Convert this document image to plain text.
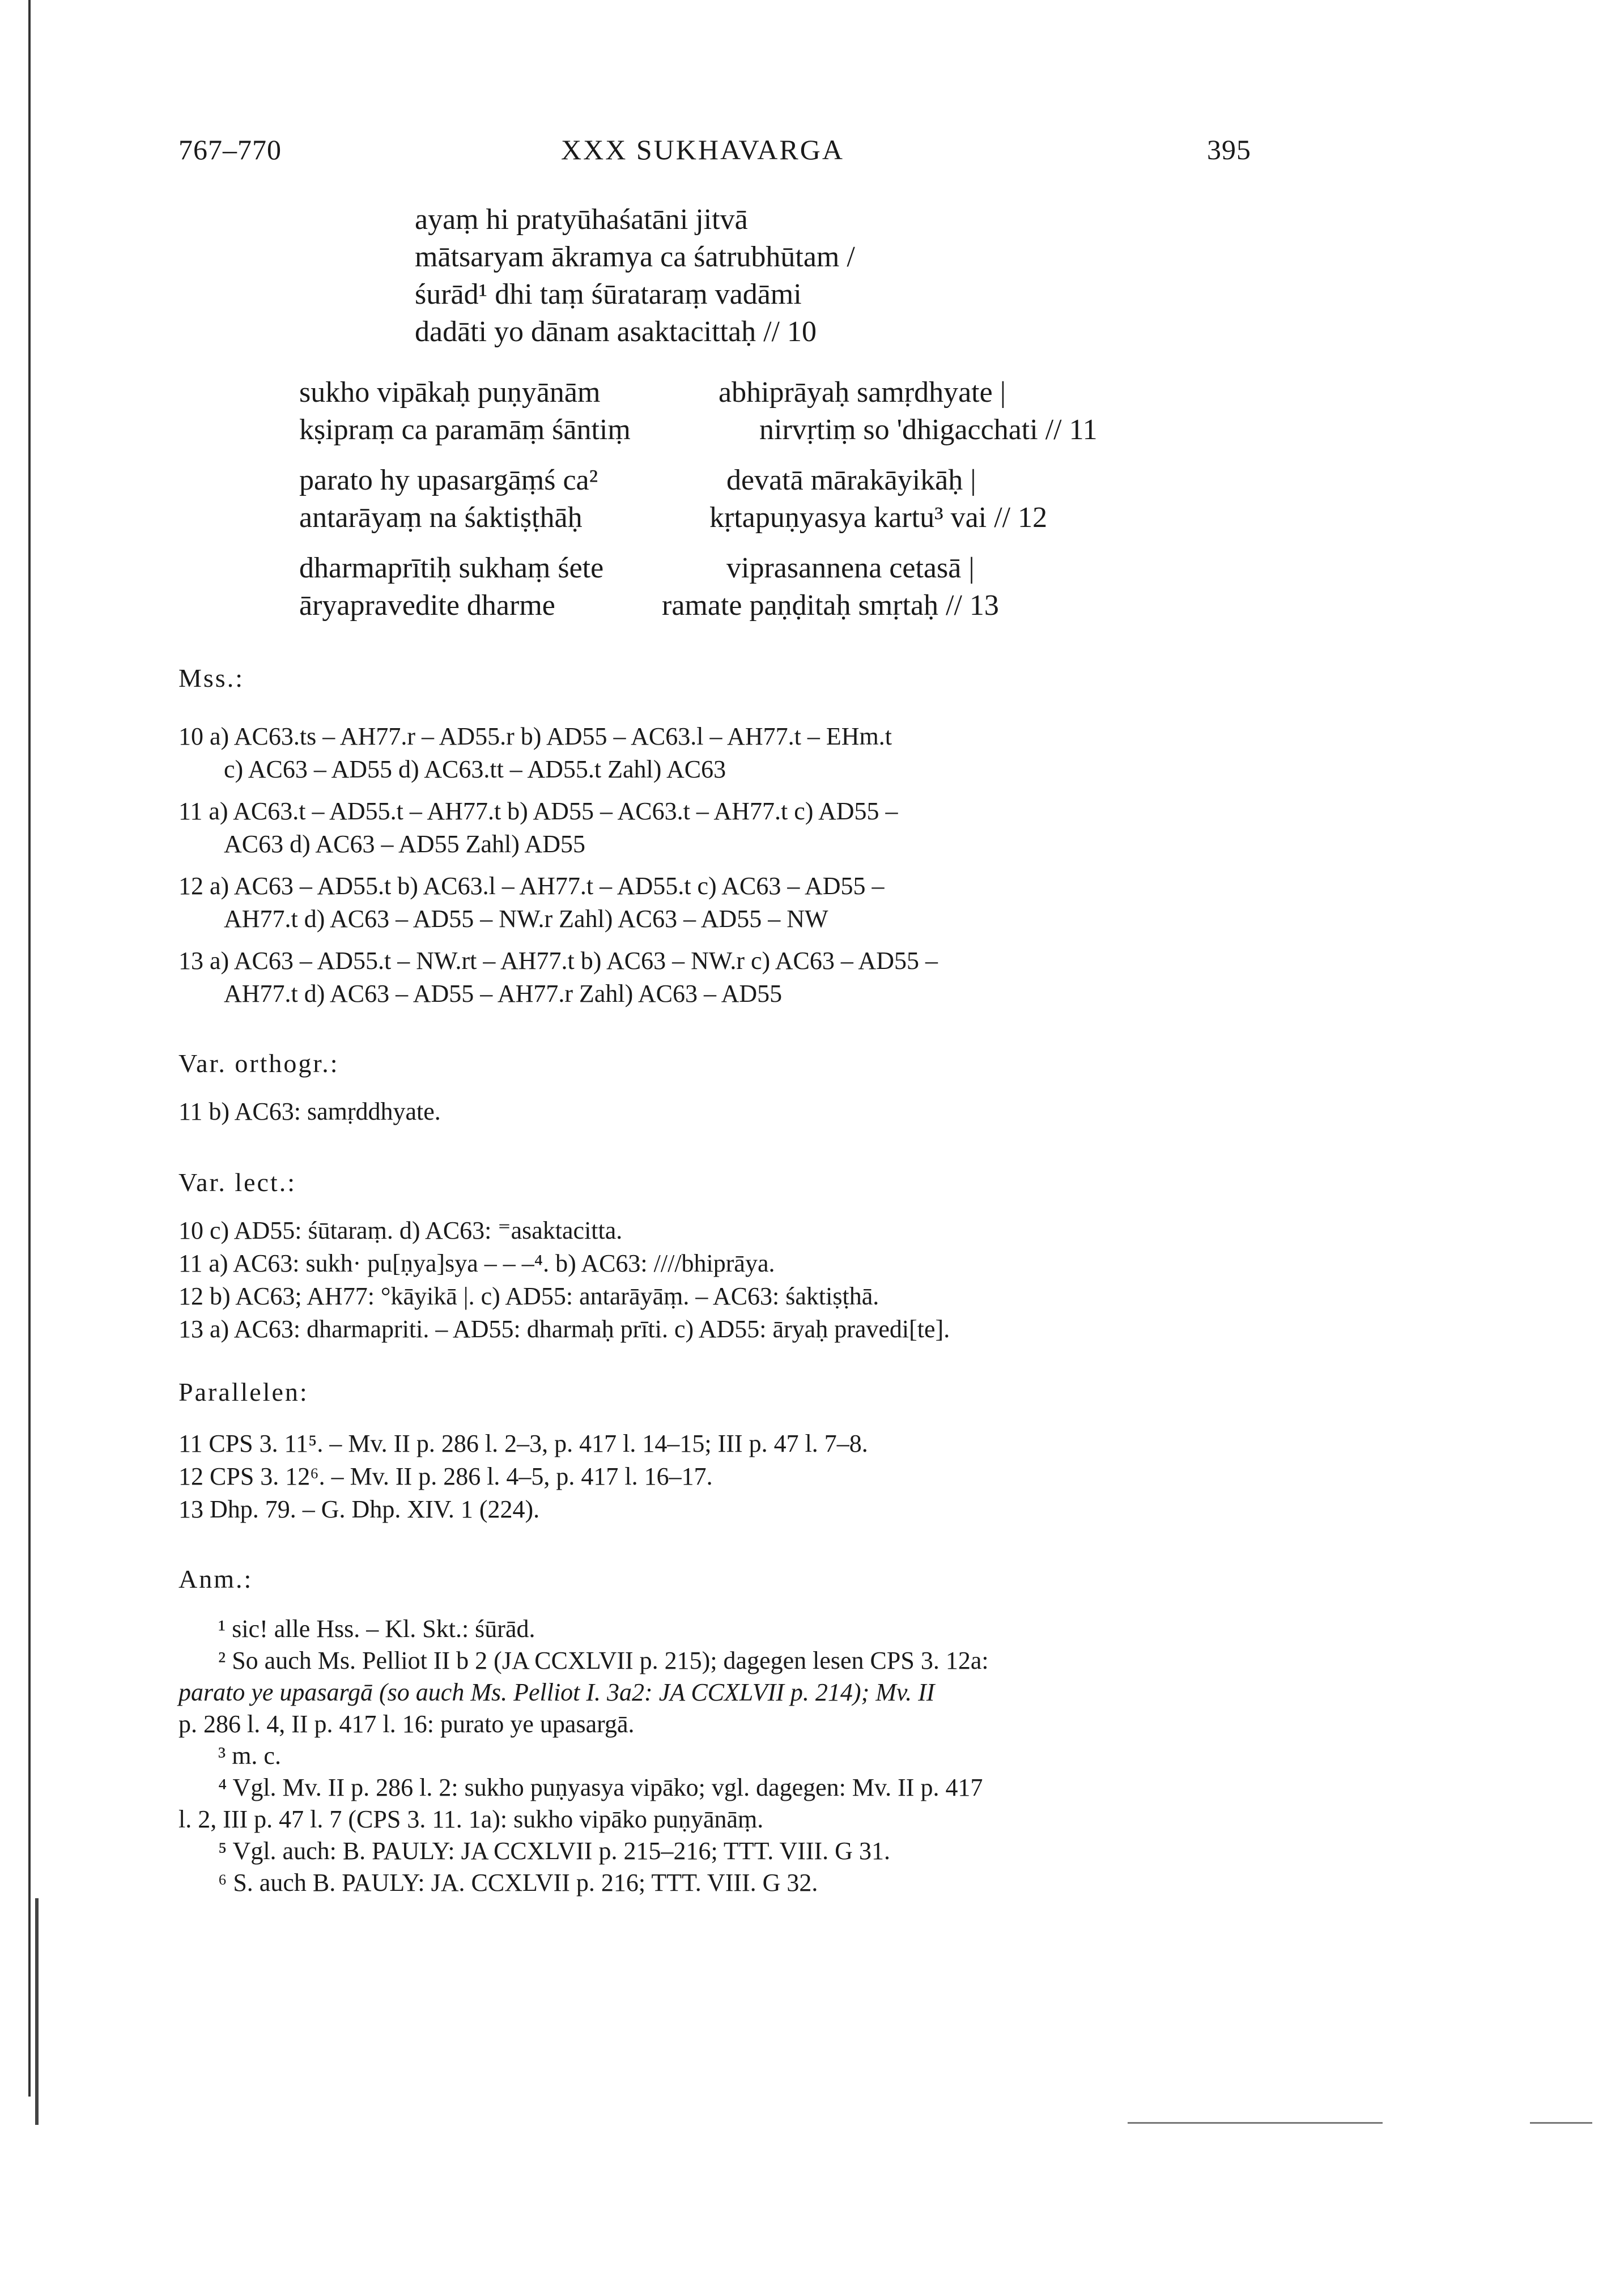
767–770	XXX SUKHAVARGA	395
ayaṃ hi pratyūhaśatāni jitvā
mātsaryam ākramya ca śatrubhūtam /
śurād¹ dhi taṃ śūrataraṃ vadāmi
dadāti yo dānam asaktacittaḥ // 10
sukho vipākaḥ puṇyānām	abhiprāyaḥ samṛdhyate |
kṣipraṃ ca paramāṃ śāntiṃ	nirvṛtiṃ so 'dhigacchati // 11
parato hy upasargāṃś ca²	devatā mārakāyikāḥ |
antarāyaṃ na śaktiṣṭhāḥ	kṛtapuṇyasya kartu³ vai // 12
dharmaprītiḥ sukhaṃ śete	viprasannena cetasā |
āryapravedite dharme	ramate paṇḍitaḥ smṛtaḥ // 13
Mss.:
10 a) AC63.ts – AH77.r – AD55.r b) AD55 – AC63.l – AH77.t – EHm.t
c) AC63 – AD55 d) AC63.tt – AD55.t Zahl) AC63
11 a) AC63.t – AD55.t – AH77.t b) AD55 – AC63.t – AH77.t c) AD55 –
AC63 d) AC63 – AD55 Zahl) AD55
12 a) AC63 – AD55.t b) AC63.l – AH77.t – AD55.t c) AC63 – AD55 –
AH77.t d) AC63 – AD55 – NW.r Zahl) AC63 – AD55 – NW
13 a) AC63 – AD55.t – NW.rt – AH77.t b) AC63 – NW.r c) AC63 – AD55 –
AH77.t d) AC63 – AD55 – AH77.r Zahl) AC63 – AD55
Var. orthogr.:
11 b) AC63: samṛddhyate.
Var. lect.:
10 c) AD55: śūtaraṃ. d) AC63: ⁼asaktacitta.
11 a) AC63: sukh· pu[ṇya]sya – – –⁴. b) AC63: ////bhiprāya.
12 b) AC63; AH77: °kāyikā |. c) AD55: antarāyāṃ. – AC63: śaktiṣṭhā.
13 a) AC63: dharmapriti. – AD55: dharmaḥ prīti. c) AD55: āryaḥ pravedi[te].
Parallelen:
11 CPS 3. 11⁵. – Mv. II p. 286 l. 2–3, p. 417 l. 14–15; III p. 47 l. 7–8.
12 CPS 3. 12⁶. – Mv. II p. 286 l. 4–5, p. 417 l. 16–17.
13 Dhp. 79. – G. Dhp. XIV. 1 (224).
Anm.:
¹ sic! alle Hss. – Kl. Skt.: śūrād.
² So auch Ms. Pelliot II b 2 (JA CCXLVII p. 215); dagegen lesen CPS 3. 12a:
parato ye upasargā (so auch Ms. Pelliot I. 3a2: JA CCXLVII p. 214); Mv. II
p. 286 l. 4, II p. 417 l. 16: purato ye upasargā.
³ m. c.
⁴ Vgl. Mv. II p. 286 l. 2: sukho puṇyasya vipāko; vgl. dagegen: Mv. II p. 417
l. 2, III p. 47 l. 7 (CPS 3. 11. 1a): sukho vipāko puṇyānāṃ.
⁵ Vgl. auch: B. PAULY: JA CCXLVII p. 215–216; TTT. VIII. G 31.
⁶ S. auch B. PAULY: JA. CCXLVII p. 216; TTT. VIII. G 32.
